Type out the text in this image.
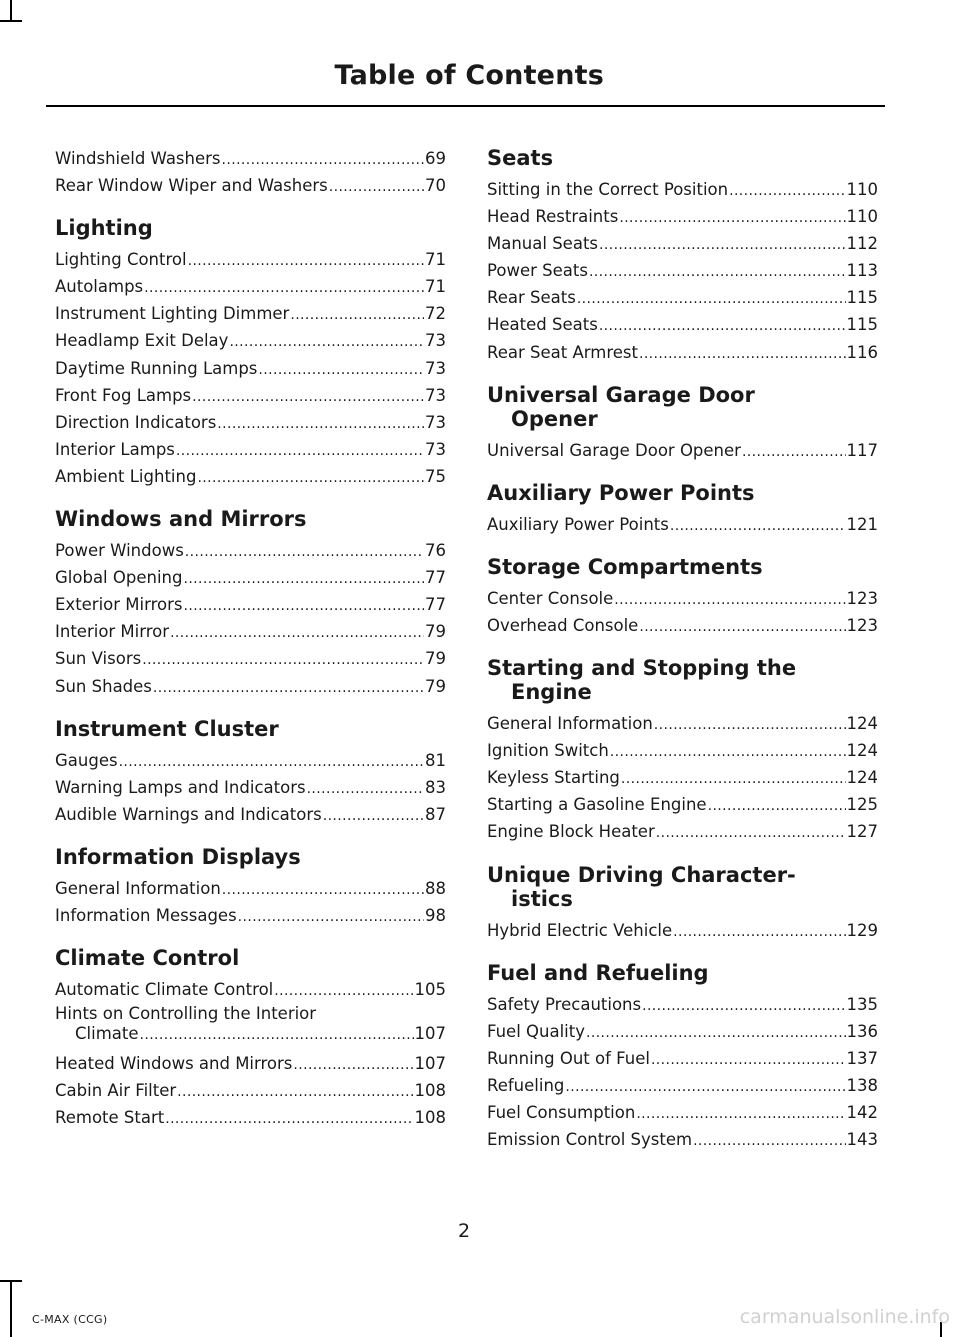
Table of Contents
Windshield Washers .....	69
Rear Window Wiper and Washers .....	70
Lighting
Lighting Control .....	71
Autolamps .....	71
Instrument Lighting Dimmer .....	72
Headlamp Exit Delay .....	73
Daytime Running Lamps .....	73
Front Fog Lamps .....	73
Direction Indicators .....	73
Interior Lamps .....	73
Ambient Lighting .....	75
Windows and Mirrors
Power Windows .....	76
Global Opening .....	77
Exterior Mirrors .....	77
Interior Mirror .....	79
Sun Visors .....	79
Sun Shades .....	79
Instrument Cluster
Gauges .....	81
Warning Lamps and Indicators .....	83
Audible Warnings and Indicators .....	87
Information Displays
General Information .....	88
Information Messages .....	98
Climate Control
Automatic Climate Control .....	105
Hints on Controlling the Interior
Climate .....	107
Heated Windows and Mirrors .....	107
Cabin Air Filter .....	108
Remote Start .....	108
Seats
Sitting in the Correct Position .....	110
Head Restraints .....	110
Manual Seats .....	112
Power Seats .....	113
Rear Seats .....	115
Heated Seats .....	115
Rear Seat Armrest .....	116
Universal Garage Door
Opener
Universal Garage Door Opener .....	117
Auxiliary Power Points
Auxiliary Power Points .....	121
Storage Compartments
Center Console .....	123
Overhead Console .....	123
Starting and Stopping the
Engine
General Information .....	124
Ignition Switch .....	124
Keyless Starting .....	124
Starting a Gasoline Engine .....	125
Engine Block Heater .....	127
Unique Driving Character-
istics
Hybrid Electric Vehicle .....	129
Fuel and Refueling
Safety Precautions .....	135
Fuel Quality .....	136
Running Out of Fuel .....	137
Refueling .....	138
Fuel Consumption .....	142
Emission Control System .....	143
2
C-MAX (CCG)	carmanualsonline.info
